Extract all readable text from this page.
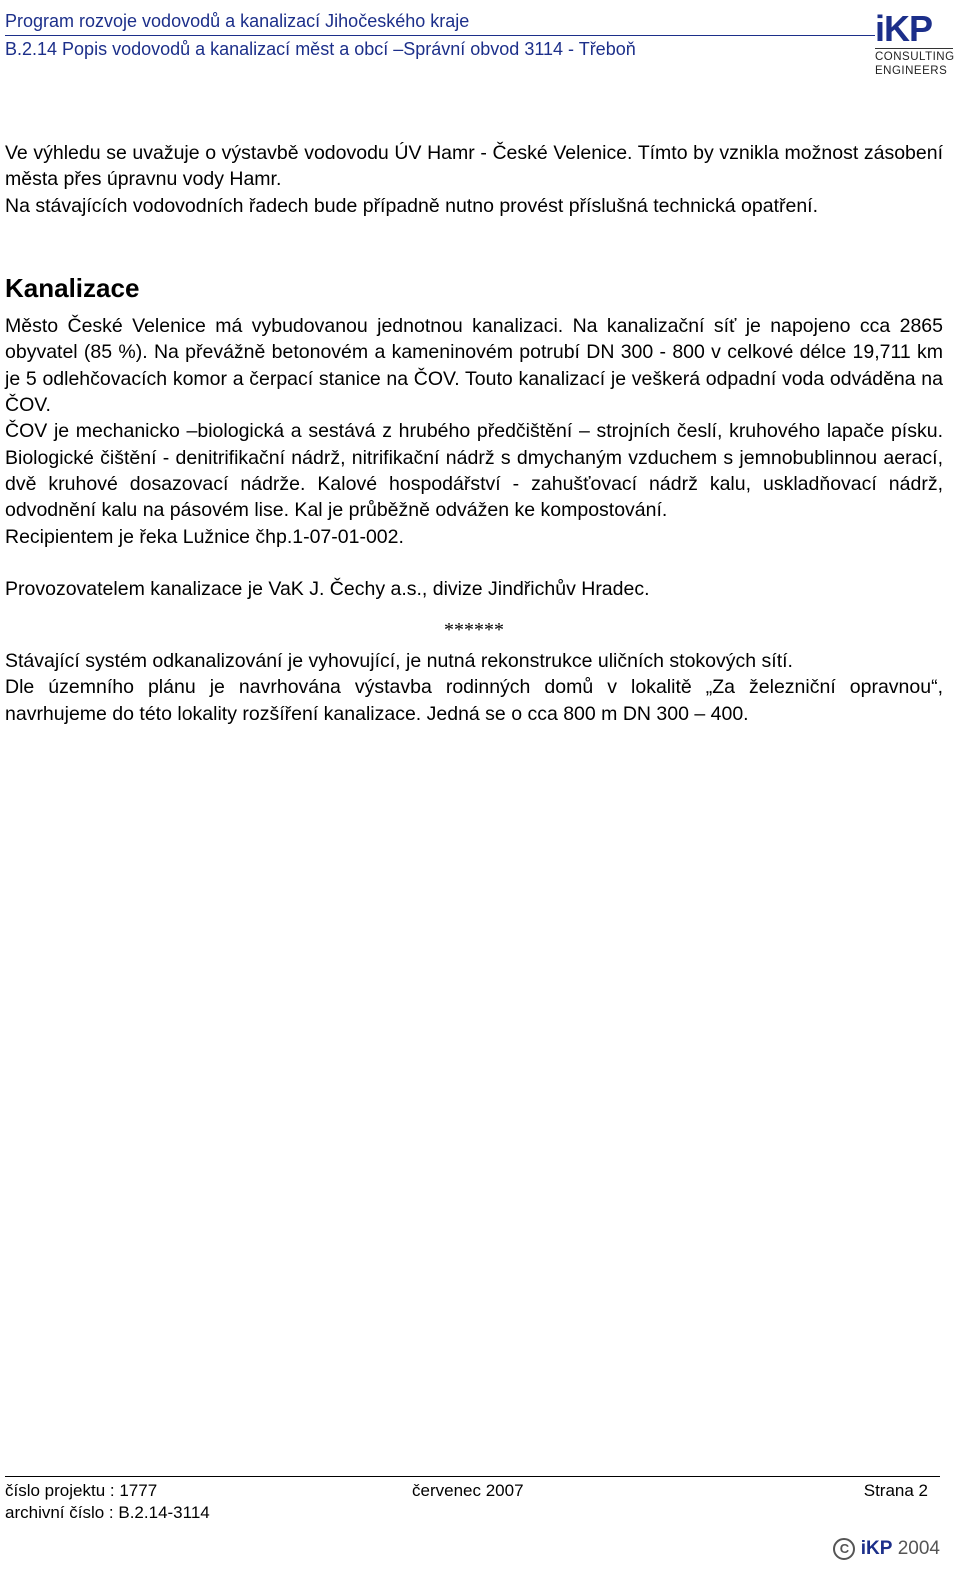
Program rozvoje vodovodů a kanalizací Jihočeského kraje
B.2.14 Popis vodovodů a kanalizací měst a obcí –Správní obvod 3114 - Třeboň	iKP
CONSULTING
ENGINEERS

Ve výhledu se uvažuje o výstavbě vodovodu ÚV Hamr - České Velenice. Tímto by vznikla možnost zásobení města přes úpravnu vody Hamr.

Na stávajících vodovodních řadech bude případně nutno provést příslušná technická opatření.

Kanalizace

Město České Velenice má vybudovanou jednotnou kanalizaci. Na kanalizační síť je napojeno cca 2865 obyvatel (85 %). Na převážně betonovém a kameninovém potrubí DN 300 - 800 v celkové délce 19,711 km je 5 odlehčovacích komor a čerpací stanice na ČOV. Touto kanalizací je veškerá odpadní voda odváděna na ČOV.

ČOV je mechanicko –biologická a sestává z hrubého předčištění – strojních česlí, kruhového lapače písku. Biologické čištění - denitrifikační nádrž, nitrifikační nádrž s dmychaným vzduchem s jemnobublinnou aerací, dvě kruhové dosazovací nádrže. Kalové hospodářství - zahušťovací nádrž kalu, uskladňovací nádrž, odvodnění kalu na pásovém lise. Kal je průběžně odvážen ke kompostování.

Recipientem je řeka Lužnice čhp.1-07-01-002.

Provozovatelem kanalizace je VaK J. Čechy a.s., divize Jindřichův Hradec.

******

Stávající systém odkanalizování je vyhovující, je nutná rekonstrukce uličních stokových sítí.

Dle územního plánu je navrhována výstavba rodinných domů v lokalitě „Za železniční opravnou“, navrhujeme do této lokality rozšíření kanalizace. Jedná se o cca 800 m DN 300 – 400.

číslo projektu : 1777
archivní číslo : B.2.14-3114
červenec 2007	Strana 2
C iKP 2004
